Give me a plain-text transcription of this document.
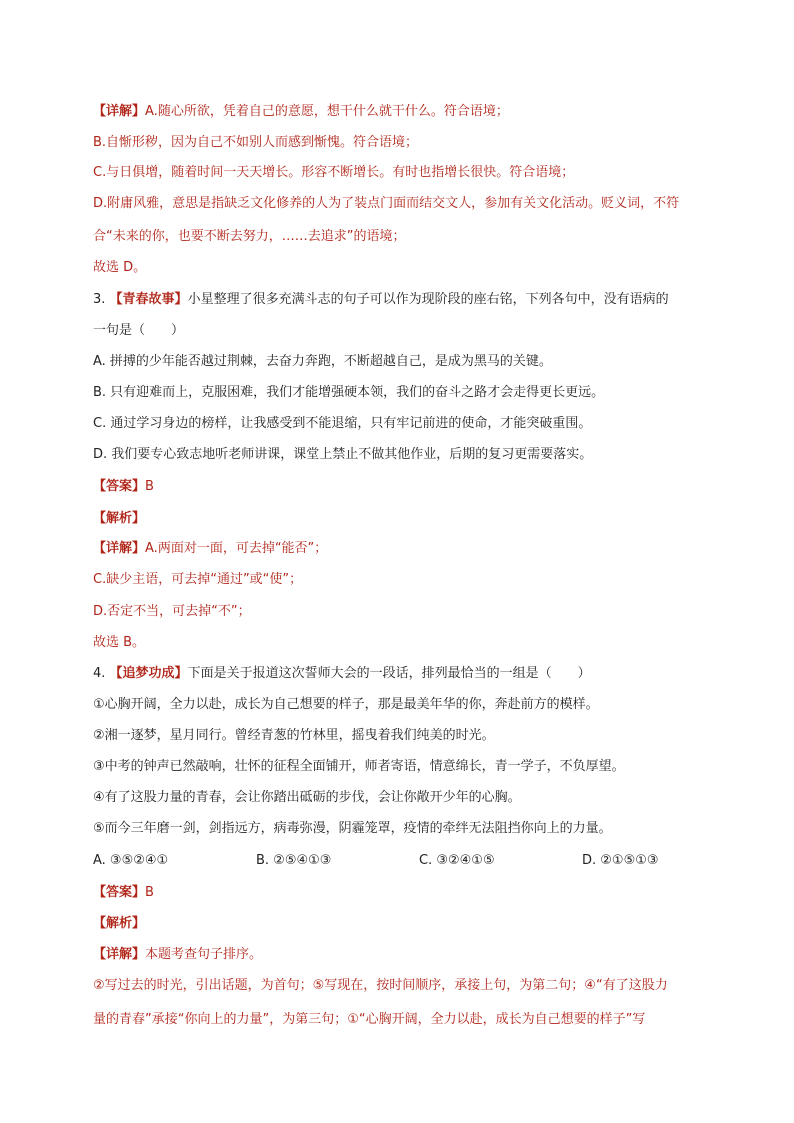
【详解】A.随心所欲，凭着自己的意愿，想干什么就干什么。符合语境；
B.自惭形秽，因为自己不如别人而感到惭愧。符合语境；
C.与日俱增，随着时间一天天增长。形容不断增长。有时也指增长很快。符合语境；
D.附庸风雅，意思是指缺乏文化修养的人为了装点门面而结交文人，参加有关文化活动。贬义词，不符
合“未来的你，也要不断去努力，……去追求”的语境；
故选 D。
3. 【青春故事】小星整理了很多充满斗志的句子可以作为现阶段的座右铭，下列各句中，没有语病的
一句是（　　）
A. 拼搏的少年能否越过荆棘，去奋力奔跑，不断超越自己，是成为黑马的关键。
B. 只有迎难而上，克服困难，我们才能增强硬本领，我们的奋斗之路才会走得更长更远。
C. 通过学习身边的榜样，让我感受到不能退缩，只有牢记前进的使命，才能突破重围。
D. 我们要专心致志地听老师讲课，课堂上禁止不做其他作业，后期的复习更需要落实。
【答案】B
【解析】
【详解】A.两面对一面，可去掉“能否”；
C.缺少主语，可去掉“通过”或“使”；
D.否定不当，可去掉“不”；
故选 B。
4. 【追梦功成】下面是关于报道这次誓师大会的一段话，排列最恰当的一组是（　　）
①心胸开阔，全力以赴，成长为自己想要的样子，那是最美年华的你，奔赴前方的模样。
②湘一逐梦，星月同行。曾经青葱的竹林里，摇曳着我们纯美的时光。
③中考的钟声已然敲响，壮怀的征程全面铺开，师者寄语，情意绵长，青一学子，不负厚望。
④有了这股力量的青春，会让你踏出砥砺的步伐，会让你敞开少年的心胸。
⑤而今三年磨一剑，剑指远方，病毒弥漫，阴霾笼罩，疫情的牵绊无法阻挡你向上的力量。
A. ③⑤②④①	B. ②⑤④①③	C. ③②④①⑤	D. ②①⑤①③
【答案】B
【解析】
【详解】本题考查句子排序。
②写过去的时光，引出话题，为首句；⑤写现在，按时间顺序，承接上句，为第二句；④“有了这股力
量的青春”承接“你向上的力量”，为第三句；①“心胸开阔，全力以赴，成长为自己想要的样子”写
